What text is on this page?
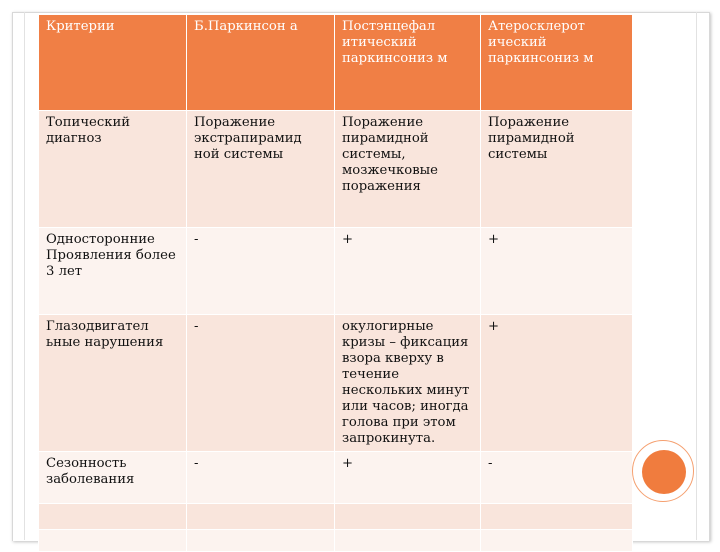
Критерии	Б.Паркинсон а	Постэнцефал итический паркинсониз м	Атеросклерот ический паркинсониз м
Топический диагноз	Поражение экстрапирамид ной системы	Поражение пирамидной системы, мозжечковые поражения	Поражение пирамидной системы
Односторонние Проявления более 3 лет	-	+	+
Глазодвигател ьные нарушения	-	окулогирные кризы – фиксация взора кверху в течение нескольких минут или часов; иногда голова при этом запрокинута.	+
Сезонность заболевания	-	+	-
